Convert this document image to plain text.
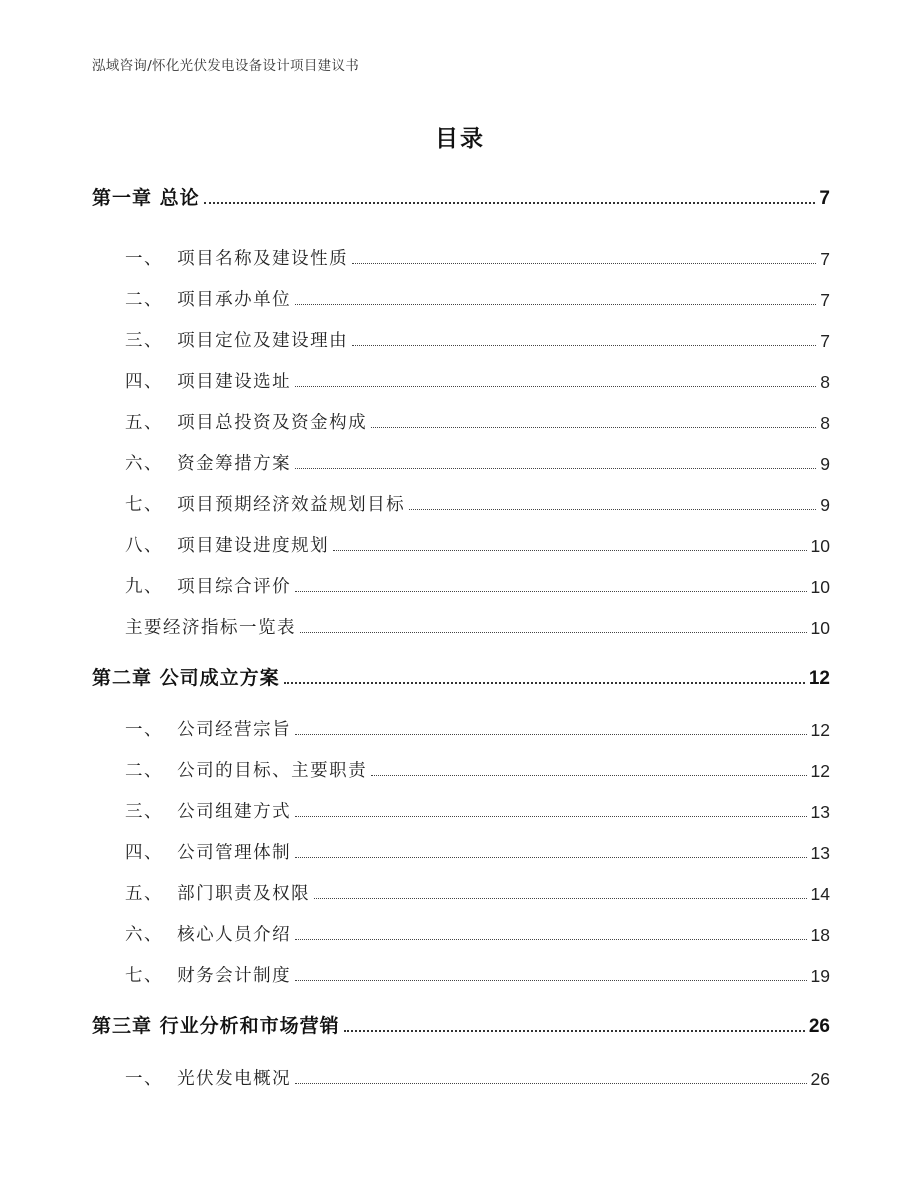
泓域咨询/怀化光伏发电设备设计项目建议书
目录
第一章 总论	7
一、  项目名称及建设性质	7
二、  项目承办单位	7
三、  项目定位及建设理由	7
四、  项目建设选址	8
五、  项目总投资及资金构成	8
六、  资金筹措方案	9
七、  项目预期经济效益规划目标	9
八、  项目建设进度规划	10
九、  项目综合评价	10
主要经济指标一览表	10
第二章 公司成立方案	12
一、  公司经营宗旨	12
二、  公司的目标、主要职责	12
三、  公司组建方式	13
四、  公司管理体制	13
五、  部门职责及权限	14
六、  核心人员介绍	18
七、  财务会计制度	19
第三章 行业分析和市场营销	26
一、  光伏发电概况	26
